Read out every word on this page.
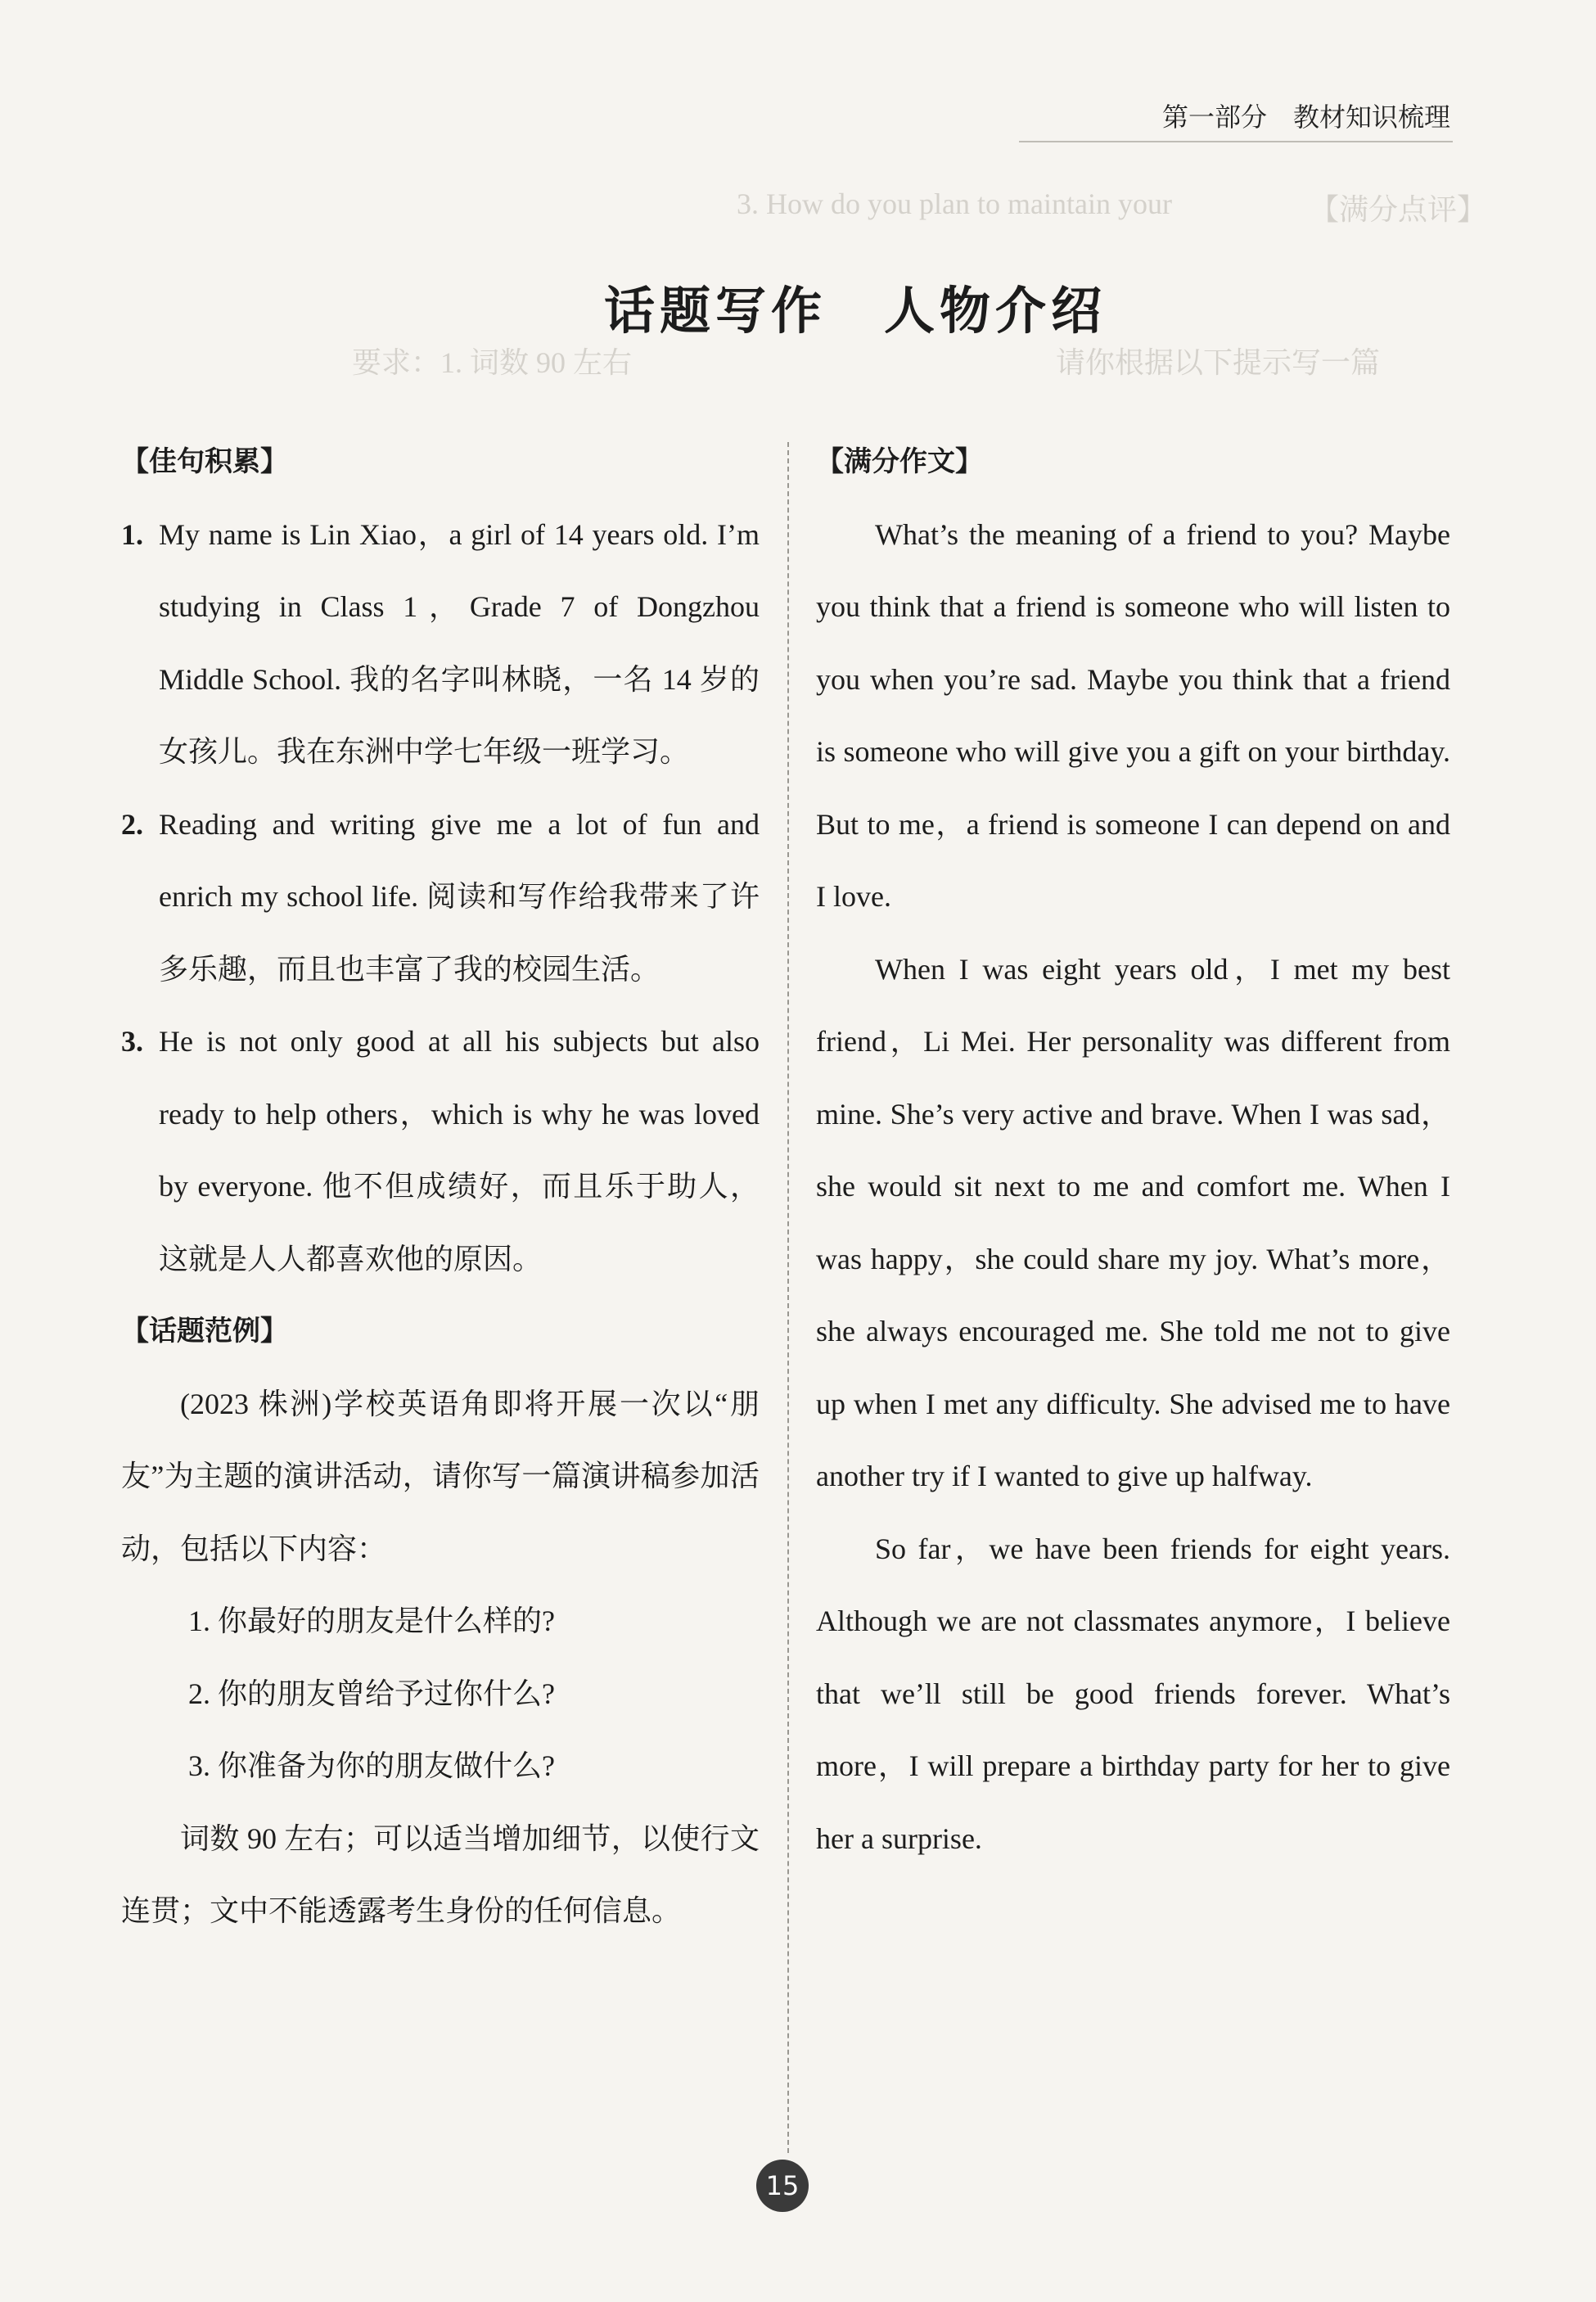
3. How do you plan to maintain your	【满分点评】
要求：1. 词数 90 左右	请你根据以下提示写一篇
第一部分　教材知识梳理
话题写作 人物介绍

【佳句积累】

1. My name is Lin Xiao，a girl of 14 years old. I’m studying in Class 1，Grade 7 of Dongzhou Middle School. 我的名字叫林晓，一名 14 岁的女孩儿。我在东洲中学七年级一班学习。
2. Reading and writing give me a lot of fun and enrich my school life. 阅读和写作给我带来了许多乐趣，而且也丰富了我的校园生活。
3. He is not only good at all his subjects but also ready to help others，which is why he was loved by everyone. 他不但成绩好，而且乐于助人，这就是人人都喜欢他的原因。

【话题范例】

(2023 株洲)学校英语角即将开展一次以“朋友”为主题的演讲活动，请你写一篇演讲稿参加活动，包括以下内容：

1. 你最好的朋友是什么样的?

2. 你的朋友曾给予过你什么?

3. 你准备为你的朋友做什么?

词数 90 左右；可以适当增加细节，以使行文连贯；文中不能透露考生身份的任何信息。

【满分作文】

What’s the meaning of a friend to you? Maybe you think that a friend is someone who will listen to you when you’re sad. Maybe you think that a friend is someone who will give you a gift on your birthday. But to me，a friend is someone I can depend on and I love.

When I was eight years old，I met my best friend，Li Mei. Her personality was different from mine. She’s very active and brave. When I was sad，she would sit next to me and comfort me. When I was happy，she could share my joy. What’s more，she always encouraged me. She told me not to give up when I met any difficulty. She advised me to have another try if I wanted to give up halfway.

So far，we have been friends for eight years. Although we are not classmates anymore，I believe that we’ll still be good friends forever. What’s more，I will prepare a birthday party for her to give her a surprise.

15
